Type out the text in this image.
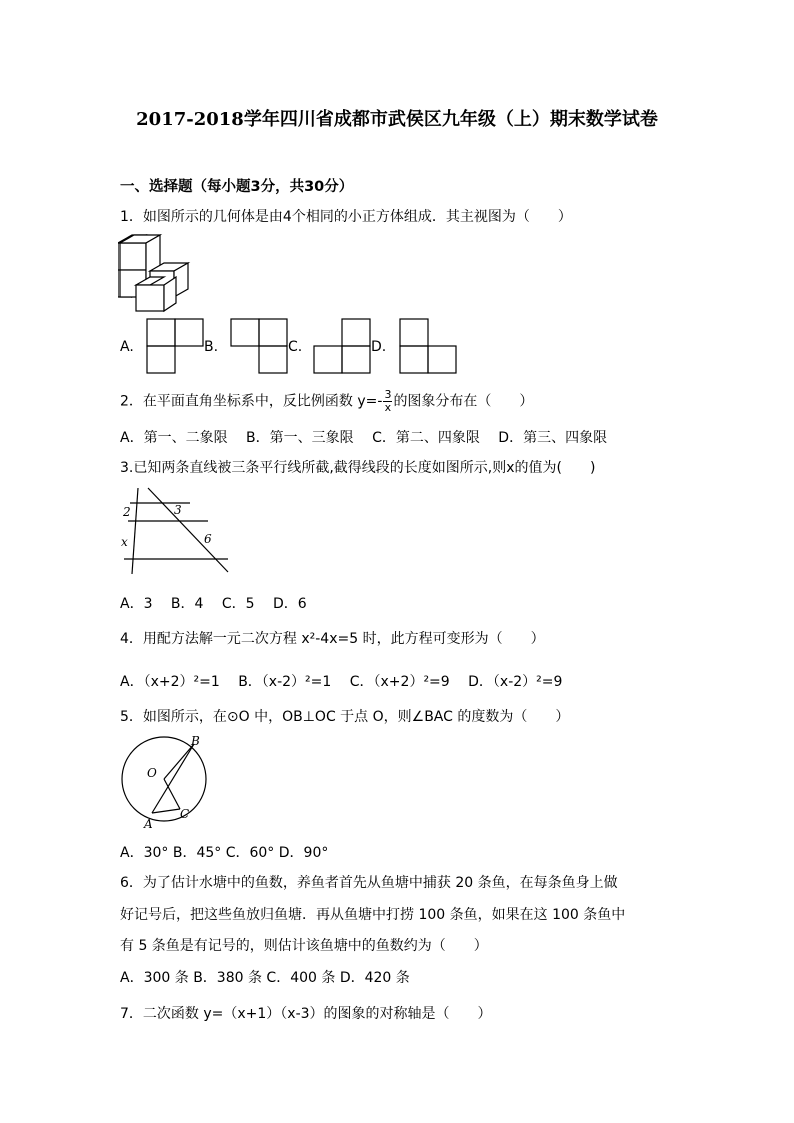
2017-2018学年四川省成都市武侯区九年级（上）期末数学试卷
一、选择题（每小题3分，共30分）
1．如图所示的几何体是由4个相同的小正方体组成．其主视图为（　　）
A.	B.	C.	D.
2．在平面直角坐标系中，反比例函数 $y=- \frac{3}{x}$ 的图象分布在（　　）
A．第一、二象限　 B．第一、三象限　 C．第二、四象限　 D．第三、四象限
3.已知两条直线被三条平行线所截,截得线段的长度如图所示,则x的值为(　　)
2	3
x	6
A．3　 B．4　 C．5　 D．6
4．用配方法解一元二次方程 x²-4x=5 时，此方程可变形为（　　）
A．（x+2）²=1　 B．（x-2）²=1　 C．（x+2）²=9　 D．（x-2）²=9
5．如图所示，在⊙O 中，OB⊥OC 于点 O，则∠BAC 的度数为（　　）
B
O
C
A
A．30° B．45° C．60° D．90°
6．为了估计水塘中的鱼数，养鱼者首先从鱼塘中捕获 20 条鱼，在每条鱼身上做
好记号后，把这些鱼放归鱼塘．再从鱼塘中打捞 100 条鱼，如果在这 100 条鱼中
有 5 条鱼是有记号的，则估计该鱼塘中的鱼数约为（　　）
A．300 条 B．380 条 C．400 条 D．420 条
7．二次函数 y=（x+1）（x-3）的图象的对称轴是（　　）
